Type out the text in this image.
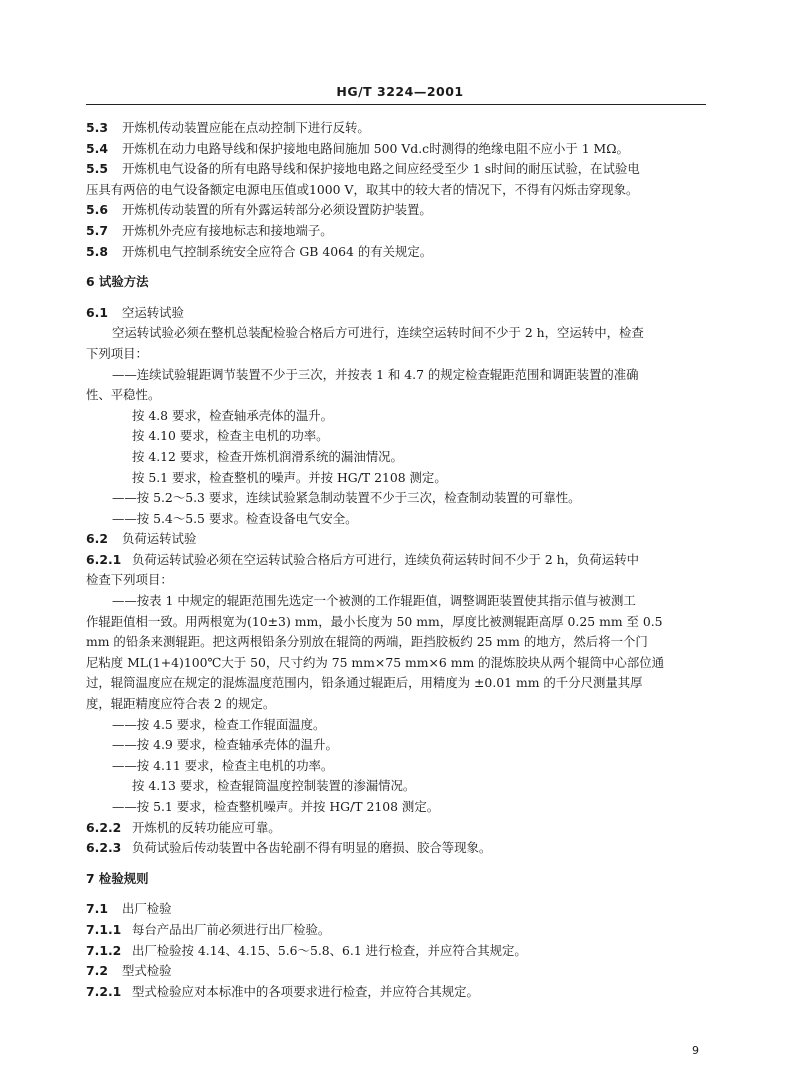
HG/T 3224—2001
5.3 开炼机传动装置应能在点动控制下进行反转。
5.4 开炼机在动力电路导线和保护接地电路间施加 500 Vd.c时测得的绝缘电阻不应小于 1 MΩ。
5.5 开炼机电气设备的所有电路导线和保护接地电路之间应经受至少 1 s时间的耐压试验，在试验电
压具有两倍的电气设备额定电源电压值或1000 V，取其中的较大者的情况下，不得有闪烁击穿现象。
5.6 开炼机传动装置的所有外露运转部分必须设置防护装置。
5.7 开炼机外壳应有接地标志和接地端子。
5.8 开炼机电气控制系统安全应符合 GB 4064 的有关规定。
6 试验方法
6.1 空运转试验
空运转试验必须在整机总装配检验合格后方可进行，连续空运转时间不少于 2 h，空运转中，检查
下列项目：
——连续试验辊距调节装置不少于三次，并按表 1 和 4.7 的规定检查辊距范围和调距装置的准确
性、平稳性。
按 4.8 要求，检查轴承壳体的温升。
按 4.10 要求，检查主电机的功率。
按 4.12 要求，检查开炼机润滑系统的漏油情况。
按 5.1 要求，检查整机的噪声。并按 HG/T 2108 测定。
——按 5.2～5.3 要求，连续试验紧急制动装置不少于三次，检查制动装置的可靠性。
——按 5.4～5.5 要求。检查设备电气安全。
6.2 负荷运转试验
6.2.1 负荷运转试验必须在空运转试验合格后方可进行，连续负荷运转时间不少于 2 h，负荷运转中
检查下列项目：
——按表 1 中规定的辊距范围先选定一个被测的工作辊距值，调整调距装置使其指示值与被测工
作辊距值相一致。用两根宽为(10±3) mm，最小长度为 50 mm，厚度比被测辊距高厚 0.25 mm 至 0.5
mm 的铅条来测辊距。把这两根铅条分别放在辊筒的两端，距挡胶板约 25 mm 的地方，然后将一个门
尼粘度 ML(1+4)100℃大于 50，尺寸约为 75 mm×75 mm×6 mm 的混炼胶块从两个辊筒中心部位通
过，辊筒温度应在规定的混炼温度范围内，铅条通过辊距后，用精度为 ±0.01 mm 的千分尺测量其厚
度，辊距精度应符合表 2 的规定。
——按 4.5 要求，检查工作辊面温度。
——按 4.9 要求，检查轴承壳体的温升。
——按 4.11 要求，检查主电机的功率。
按 4.13 要求，检查辊筒温度控制装置的渗漏情况。
——按 5.1 要求，检查整机噪声。并按 HG/T 2108 测定。
6.2.2 开炼机的反转功能应可靠。
6.2.3 负荷试验后传动装置中各齿轮副不得有明显的磨损、胶合等现象。
7 检验规则
7.1 出厂检验
7.1.1 每台产品出厂前必须进行出厂检验。
7.1.2 出厂检验按 4.14、4.15、5.6～5.8、6.1 进行检查，并应符合其规定。
7.2 型式检验
7.2.1 型式检验应对本标准中的各项要求进行检查，并应符合其规定。
9
